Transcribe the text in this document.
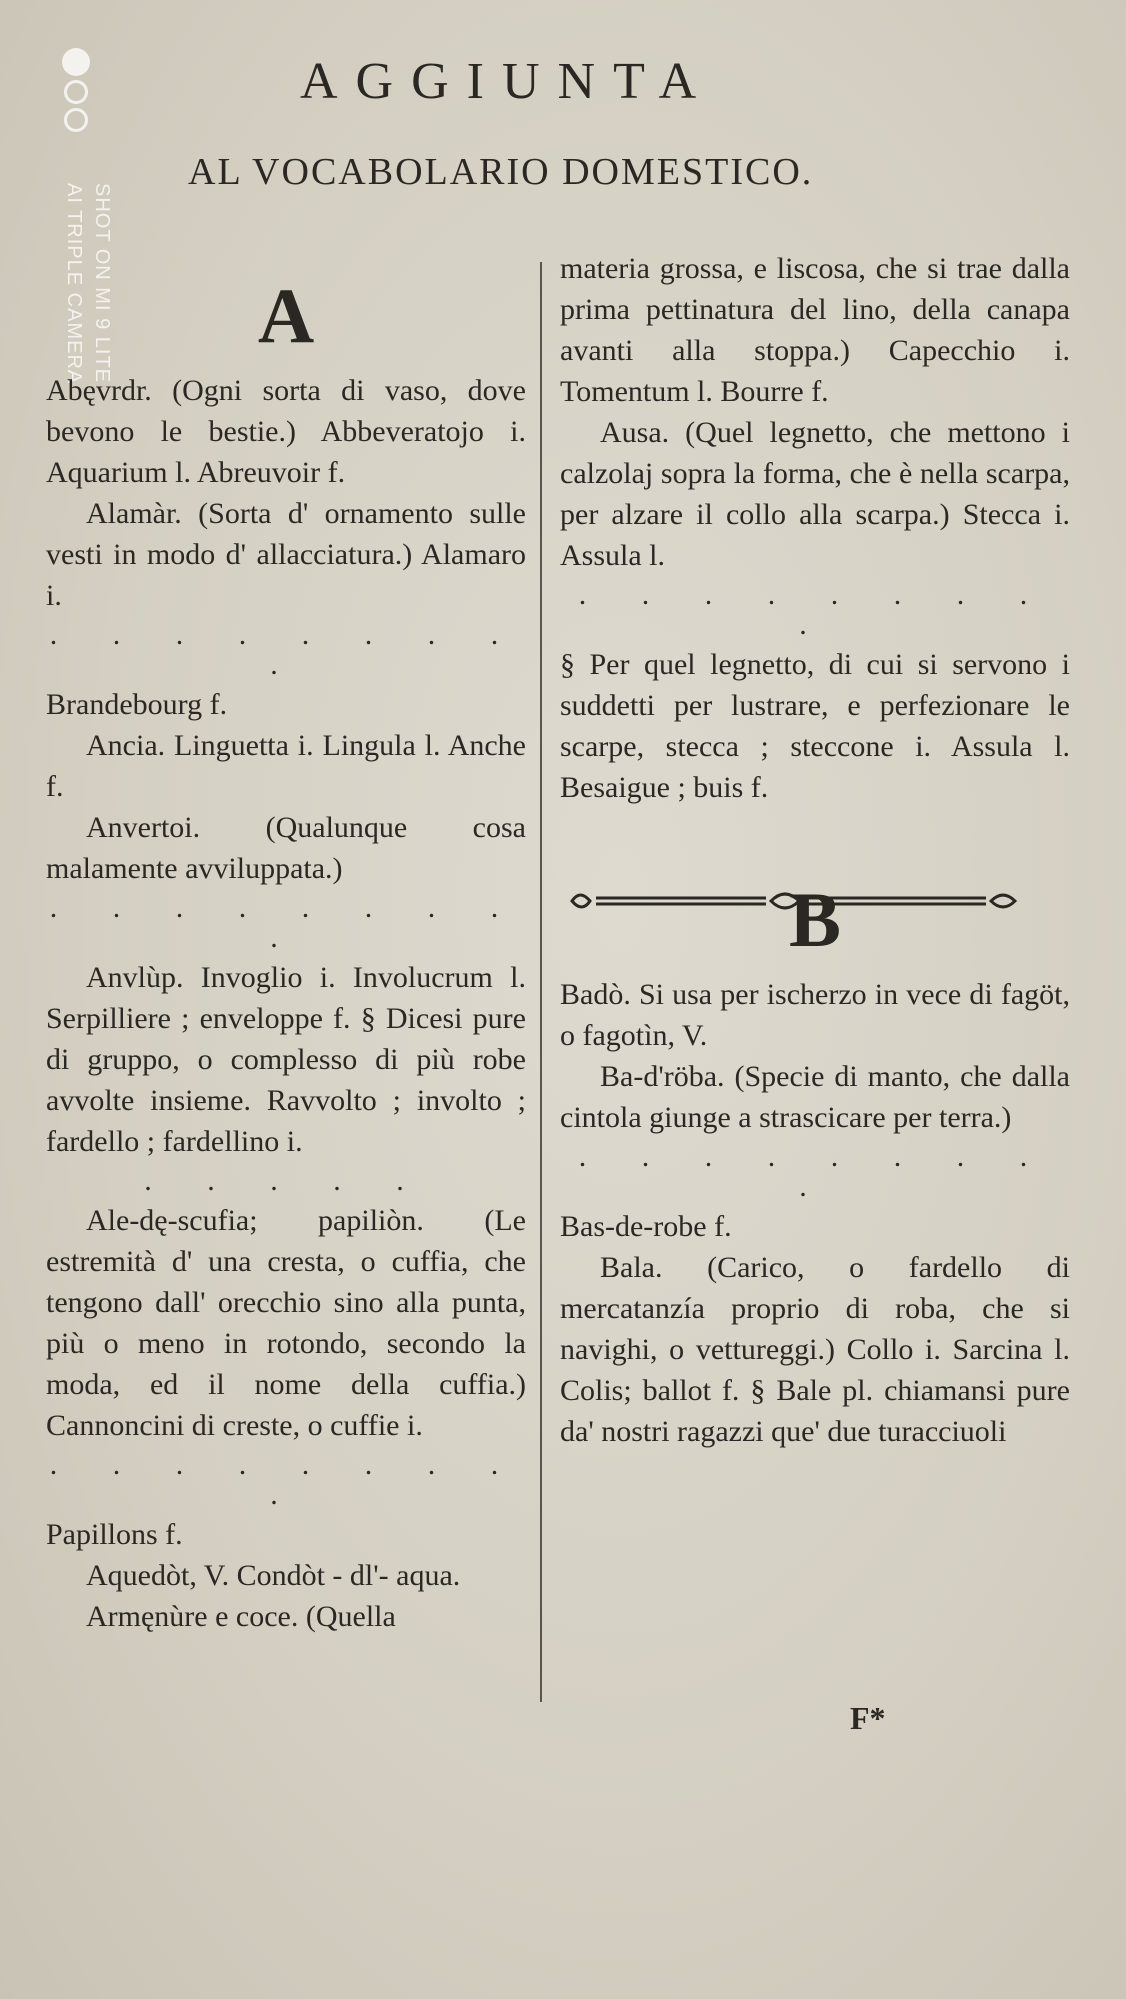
SHOT ON MI 9 LITE
AI TRIPLE CAMERA
AGGIUNTA
AL VOCABOLARIO DOMESTICO.
A

Abęvrdr. (Ogni sorta di vaso, dove bevono le bestie.) Abbeveratojo i. Aquarium l. Abreuvoir f.

Alamàr. (Sorta d' ornamento sulle vesti in modo d' allacciatura.) Alamaro i.

. . . . . . . . .

Brandebourg f.

Ancia. Linguetta i. Lingula l. Anche f.

Anvertoi. (Qualunque cosa malamente avviluppata.)

. . . . . . . . .

Anvlùp. Invoglio i. Involucrum l. Serpilliere ; enveloppe f. § Dicesi pure di gruppo, o complesso di più robe avvolte insieme. Ravvolto ; involto ; fardello ; fardellino i.

. . . . .

Ale-dę-scufia; papiliòn. (Le estremità d' una cresta, o cuffia, che tengono dall' orecchio sino alla punta, più o meno in rotondo, secondo la moda, ed il nome della cuffia.) Cannoncini di creste, o cuffie i.

. . . . . . . . .

Papillons f.

Aquedòt, V. Condòt - dl'- aqua.

Armęnùre e coce. (Quella

materia grossa, e liscosa, che si trae dalla prima pettinatura del lino, della canapa avanti alla stoppa.) Capecchio i. Tomentum l. Bourre f.

Ausa. (Quel legnetto, che mettono i calzolaj sopra la forma, che è nella scarpa, per alzare il collo alla scarpa.) Stecca i. Assula l.

. . . . . . . . .

§ Per quel legnetto, di cui si servono i suddetti per lustrare, e perfezionare le scarpe, stecca ; steccone i. Assula l. Besaigue ; buis f.

B

Badò. Si usa per ischerzo in vece di fagöt, o fagotìn, V.

Ba-d'röba. (Specie di manto, che dalla cintola giunge a strascicare per terra.)

. . . . . . . . .

Bas-de-robe f.

Bala. (Carico, o fardello di mercatanzía proprio di roba, che si navighi, o vettureggi.) Collo i. Sarcina l. Colis; ballot f. § Bale pl. chiamansi pure da' nostri ragazzi que' due turacciuoli

F*
